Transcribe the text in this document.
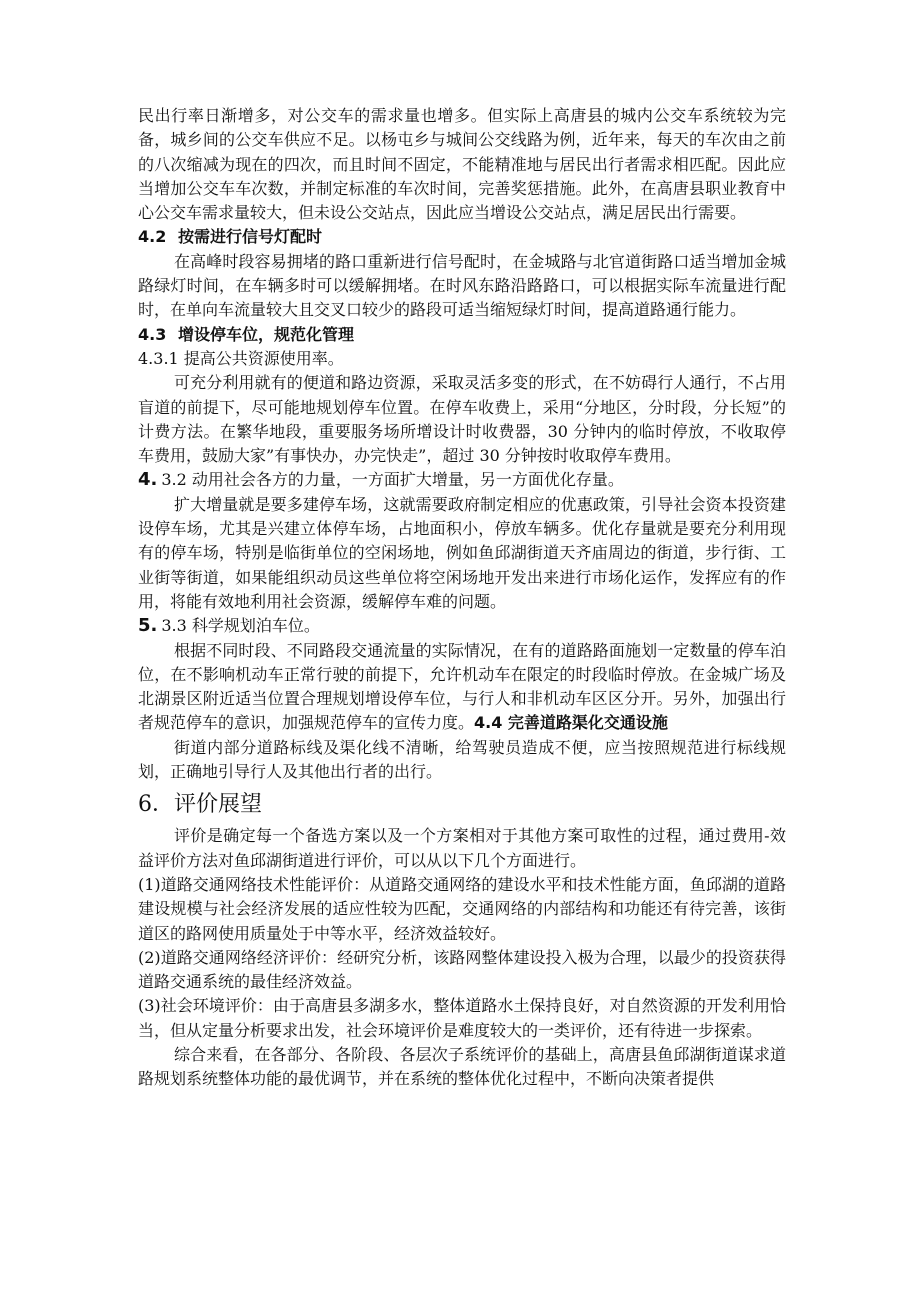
民出行率日渐增多，对公交车的需求量也增多。但实际上高唐县的城内公交车系统较为完备，城乡间的公交车供应不足。以杨屯乡与城间公交线路为例，近年来，每天的车次由之前的八次缩减为现在的四次，而且时间不固定，不能精准地与居民出行者需求相匹配。因此应当增加公交车车次数，并制定标准的车次时间，完善奖惩措施。此外，在高唐县职业教育中心公交车需求量较大，但未设公交站点，因此应当增设公交站点，满足居民出行需要。

4.2 按需进行信号灯配时

在高峰时段容易拥堵的路口重新进行信号配时，在金城路与北官道街路口适当增加金城路绿灯时间，在车辆多时可以缓解拥堵。在时风东路沿路路口，可以根据实际车流量进行配时，在单向车流量较大且交叉口较少的路段可适当缩短绿灯时间，提高道路通行能力。

4.3 增设停车位，规范化管理

4.3.1 提高公共资源使用率。

可充分利用就有的便道和路边资源，采取灵活多变的形式，在不妨碍行人通行，不占用盲道的前提下，尽可能地规划停车位置。在停车收费上，采用“分地区，分时段，分长短”的计费方法。在繁华地段，重要服务场所增设计时收费器，30 分钟内的临时停放，不收取停车费用，鼓励大家”有事快办，办完快走”，超过 30 分钟按时收取停车费用。

4. 3.2 动用社会各方的力量，一方面扩大增量，另一方面优化存量。

扩大增量就是要多建停车场，这就需要政府制定相应的优惠政策，引导社会资本投资建设停车场，尤其是兴建立体停车场，占地面积小，停放车辆多。优化存量就是要充分利用现有的停车场，特别是临街单位的空闲场地，例如鱼邱湖街道天齐庙周边的街道，步行街、工业街等街道，如果能组织动员这些单位将空闲场地开发出来进行市场化运作，发挥应有的作用，将能有效地利用社会资源，缓解停车难的问题。

5. 3.3 科学规划泊车位。

根据不同时段、不同路段交通流量的实际情况，在有的道路路面施划一定数量的停车泊位，在不影响机动车正常行驶的前提下，允许机动车在限定的时段临时停放。在金城广场及北湖景区附近适当位置合理规划增设停车位，与行人和非机动车区区分开。另外，加强出行者规范停车的意识，加强规范停车的宣传力度。4.4 完善道路渠化交通设施

街道内部分道路标线及渠化线不清晰，给驾驶员造成不便，应当按照规范进行标线规划，正确地引导行人及其他出行者的出行。

6．评价展望

评价是确定每一个备选方案以及一个方案相对于其他方案可取性的过程，通过费用-效益评价方法对鱼邱湖街道进行评价，可以从以下几个方面进行。

(1)道路交通网络技术性能评价：从道路交通网络的建设水平和技术性能方面，鱼邱湖的道路建设规模与社会经济发展的适应性较为匹配，交通网络的内部结构和功能还有待完善，该街道区的路网使用质量处于中等水平，经济效益较好。

(2)道路交通网络经济评价：经研究分析，该路网整体建设投入极为合理，以最少的投资获得道路交通系统的最佳经济效益。

(3)社会环境评价：由于高唐县多湖多水，整体道路水土保持良好，对自然资源的开发利用恰当，但从定量分析要求出发，社会环境评价是难度较大的一类评价，还有待进一步探索。

综合来看，在各部分、各阶段、各层次子系统评价的基础上，高唐县鱼邱湖街道谋求道路规划系统整体功能的最优调节，并在系统的整体优化过程中，不断向决策者提供
